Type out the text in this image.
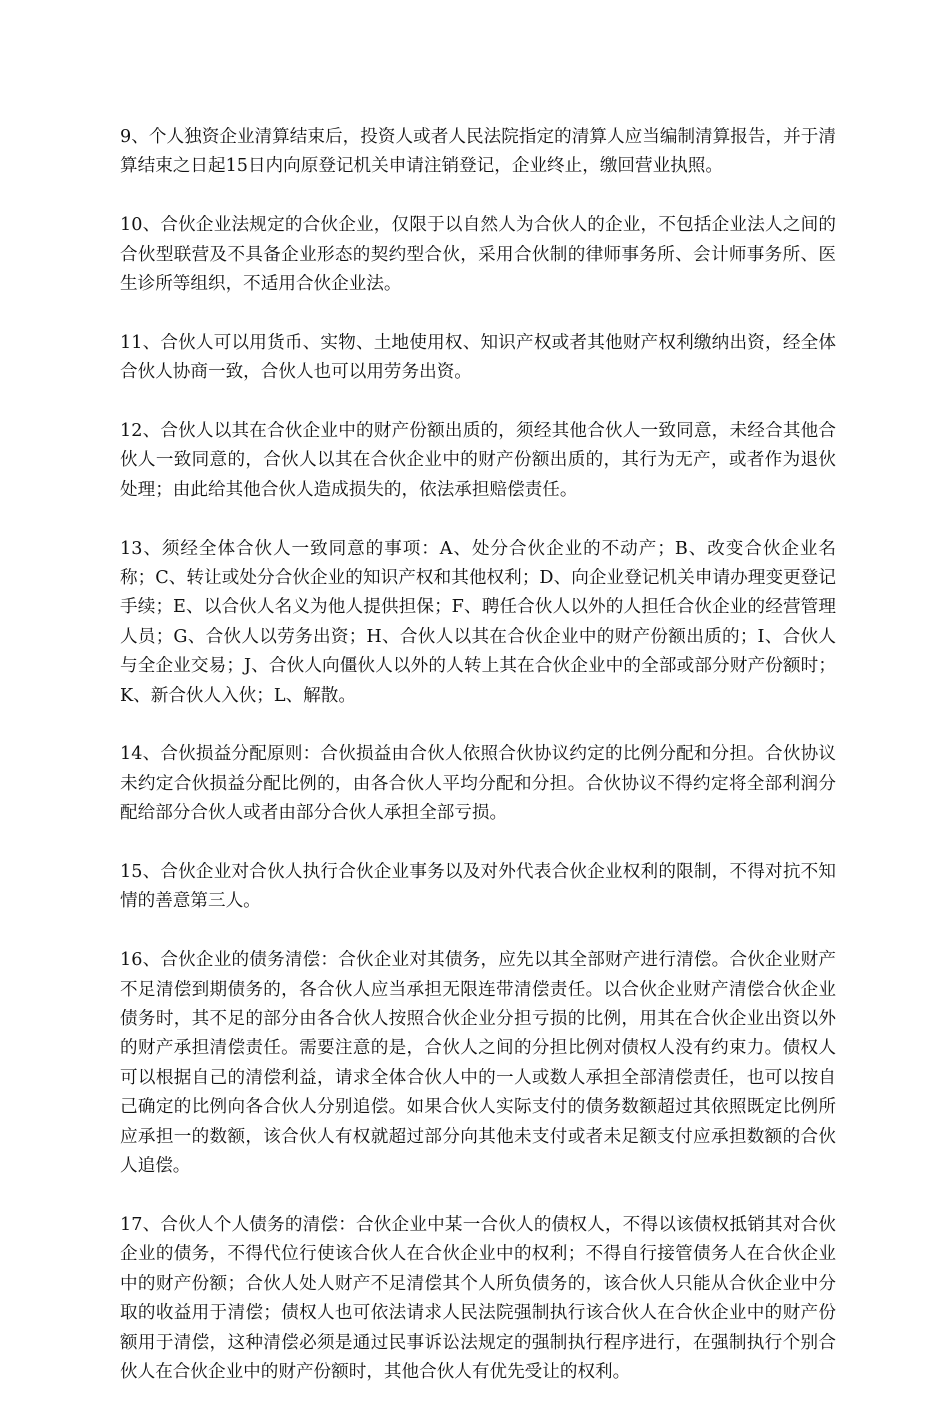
9、个人独资企业清算结束后，投资人或者人民法院指定的清算人应当编制清算报告，并于清算结束之日起15日内向原登记机关申请注销登记，企业终止，缴回营业执照。

10、合伙企业法规定的合伙企业，仅限于以自然人为合伙人的企业，不包括企业法人之间的合伙型联营及不具备企业形态的契约型合伙，采用合伙制的律师事务所、会计师事务所、医生诊所等组织，不适用合伙企业法。

11、合伙人可以用货币、实物、土地使用权、知识产权或者其他财产权利缴纳出资，经全体合伙人协商一致，合伙人也可以用劳务出资。

12、合伙人以其在合伙企业中的财产份额出质的，须经其他合伙人一致同意，未经合其他合伙人一致同意的，合伙人以其在合伙企业中的财产份额出质的，其行为无产，或者作为退伙处理；由此给其他合伙人造成损失的，依法承担赔偿责任。

13、须经全体合伙人一致同意的事项：A、处分合伙企业的不动产；B、改变合伙企业名称；C、转让或处分合伙企业的知识产权和其他权利；D、向企业登记机关申请办理变更登记手续；E、以合伙人名义为他人提供担保；F、聘任合伙人以外的人担任合伙企业的经营管理人员；G、合伙人以劳务出资；H、合伙人以其在合伙企业中的财产份额出质的；I、合伙人与全企业交易；J、合伙人向僵伙人以外的人转上其在合伙企业中的全部或部分财产份额时；K、新合伙人入伙；L、解散。

14、合伙损益分配原则：合伙损益由合伙人依照合伙协议约定的比例分配和分担。合伙协议未约定合伙损益分配比例的，由各合伙人平均分配和分担。合伙协议不得约定将全部利润分配给部分合伙人或者由部分合伙人承担全部亏损。

15、合伙企业对合伙人执行合伙企业事务以及对外代表合伙企业权利的限制，不得对抗不知情的善意第三人。

16、合伙企业的债务清偿：合伙企业对其债务，应先以其全部财产进行清偿。合伙企业财产不足清偿到期债务的，各合伙人应当承担无限连带清偿责任。以合伙企业财产清偿合伙企业债务时，其不足的部分由各合伙人按照合伙企业分担亏损的比例，用其在合伙企业出资以外的财产承担清偿责任。需要注意的是，合伙人之间的分担比例对债权人没有约束力。债权人可以根据自己的清偿利益，请求全体合伙人中的一人或数人承担全部清偿责任，也可以按自己确定的比例向各合伙人分别追偿。如果合伙人实际支付的债务数额超过其依照既定比例所应承担一的数额，该合伙人有权就超过部分向其他未支付或者未足额支付应承担数额的合伙人追偿。

17、合伙人个人债务的清偿：合伙企业中某一合伙人的债权人，不得以该债权抵销其对合伙企业的债务，不得代位行使该合伙人在合伙企业中的权利；不得自行接管债务人在合伙企业中的财产份额；合伙人处人财产不足清偿其个人所负债务的，该合伙人只能从合伙企业中分取的收益用于清偿；债权人也可依法请求人民法院强制执行该合伙人在合伙企业中的财产份额用于清偿，这种清偿必须是通过民事诉讼法规定的强制执行程序进行，在强制执行个别合伙人在合伙企业中的财产份额时，其他合伙人有优先受让的权利。
